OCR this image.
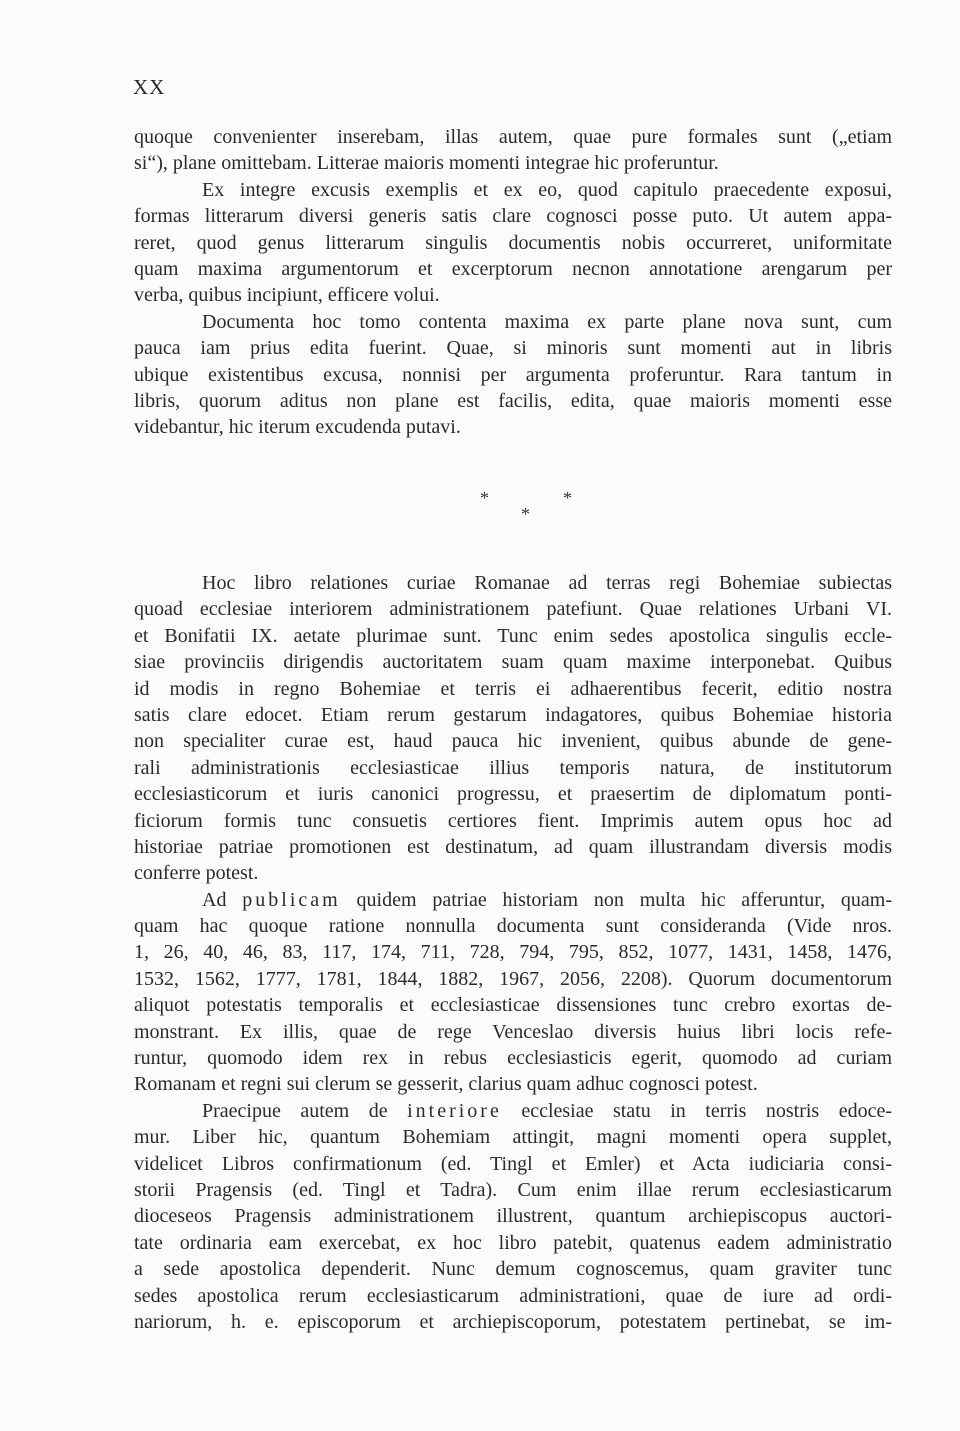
XX
quoque convenienter inserebam, illas autem, quae pure formales sunt („etiam
si“), plane omittebam. Litterae maioris momenti integrae hic proferuntur.
Ex integre excusis exemplis et ex eo, quod capitulo praecedente exposui,
formas litterarum diversi generis satis clare cognosci posse puto. Ut autem appa-
reret, quod genus litterarum singulis documentis nobis occurreret, uniformitate
quam maxima argumentorum et excerptorum necnon annotatione arengarum per
verba, quibus incipiunt, efficere volui.
Documenta hoc tomo contenta maxima ex parte plane nova sunt, cum
pauca iam prius edita fuerint. Quae, si minoris sunt momenti aut in libris
ubique existentibus excusa, nonnisi per argumenta proferuntur. Rara tantum in
libris, quorum aditus non plane est facilis, edita, quae maioris momenti esse
videbantur, hic iterum excudenda putavi.
*	*
*
Hoc libro relationes curiae Romanae ad terras regi Bohemiae subiectas
quoad ecclesiae interiorem administrationem patefiunt. Quae relationes Urbani VI.
et Bonifatii IX. aetate plurimae sunt. Tunc enim sedes apostolica singulis eccle-
siae provinciis dirigendis auctoritatem suam quam maxime interponebat. Quibus
id modis in regno Bohemiae et terris ei adhaerentibus fecerit, editio nostra
satis clare edocet. Etiam rerum gestarum indagatores, quibus Bohemiae historia
non specialiter curae est, haud pauca hic invenient, quibus abunde de gene-
rali administrationis ecclesiasticae illius temporis natura, de institutorum
ecclesiasticorum et iuris canonici progressu, et praesertim de diplomatum ponti-
ficiorum formis tunc consuetis certiores fient. Imprimis autem opus hoc ad
historiae patriae promotionen est destinatum, ad quam illustrandam diversis modis
conferre potest.
Ad publicam quidem patriae historiam non multa hic afferuntur, quam-
quam hac quoque ratione nonnulla documenta sunt consideranda (Vide nros.
1, 26, 40, 46, 83, 117, 174, 711, 728, 794, 795, 852, 1077, 1431, 1458, 1476,
1532, 1562, 1777, 1781, 1844, 1882, 1967, 2056, 2208). Quorum documentorum
aliquot potestatis temporalis et ecclesiasticae dissensiones tunc crebro exortas de-
monstrant. Ex illis, quae de rege Venceslao diversis huius libri locis refe-
runtur, quomodo idem rex in rebus ecclesiasticis egerit, quomodo ad curiam
Romanam et regni sui clerum se gesserit, clarius quam adhuc cognosci potest.
Praecipue autem de interiore ecclesiae statu in terris nostris edoce-
mur. Liber hic, quantum Bohemiam attingit, magni momenti opera supplet,
videlicet Libros confirmationum (ed. Tingl et Emler) et Acta iudiciaria consi-
storii Pragensis (ed. Tingl et Tadra). Cum enim illae rerum ecclesiasticarum
dioceseos Pragensis administrationem illustrent, quantum archiepiscopus auctori-
tate ordinaria eam exercebat, ex hoc libro patebit, quatenus eadem administratio
a sede apostolica dependerit. Nunc demum cognoscemus, quam graviter tunc
sedes apostolica rerum ecclesiasticarum administrationi, quae de iure ad ordi-
nariorum, h. e. episcoporum et archiepiscoporum, potestatem pertinebat, se im-
